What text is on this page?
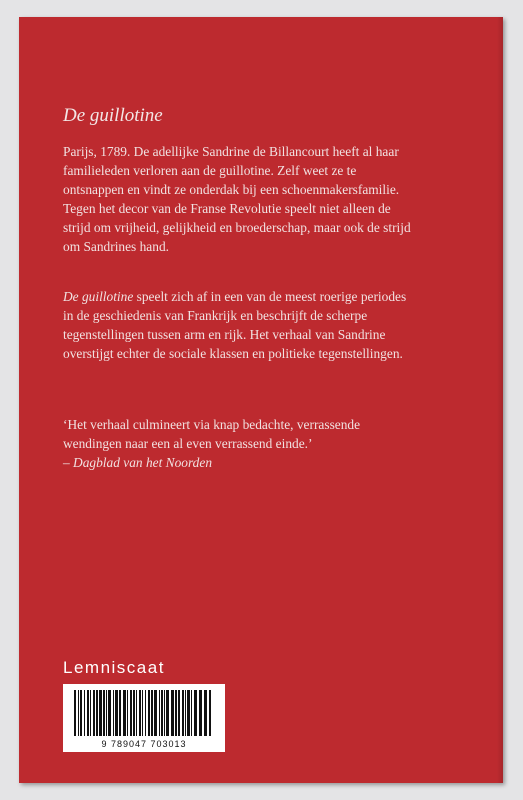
De guillotine

Parijs, 1789. De adellijke Sandrine de Billancourt heeft al haar familieleden verloren aan de guillotine. Zelf weet ze te ontsnappen en vindt ze onderdak bij een schoenmakersfamilie. Tegen het decor van de Franse Revolutie speelt niet alleen de strijd om vrijheid, gelijkheid en broederschap, maar ook de strijd om Sandrines hand.

De guillotine speelt zich af in een van de meest roerige periodes in de geschiedenis van Frankrijk en beschrijft de scherpe tegenstellingen tussen arm en rijk. Het verhaal van Sandrine overstijgt echter de sociale klassen en politieke tegenstellingen.

‘Het verhaal culmineert via knap bedachte, verrassende wendingen naar een al even verrassend einde.’
– Dagblad van het Noorden

Lemniscaat
9 789047 703013
